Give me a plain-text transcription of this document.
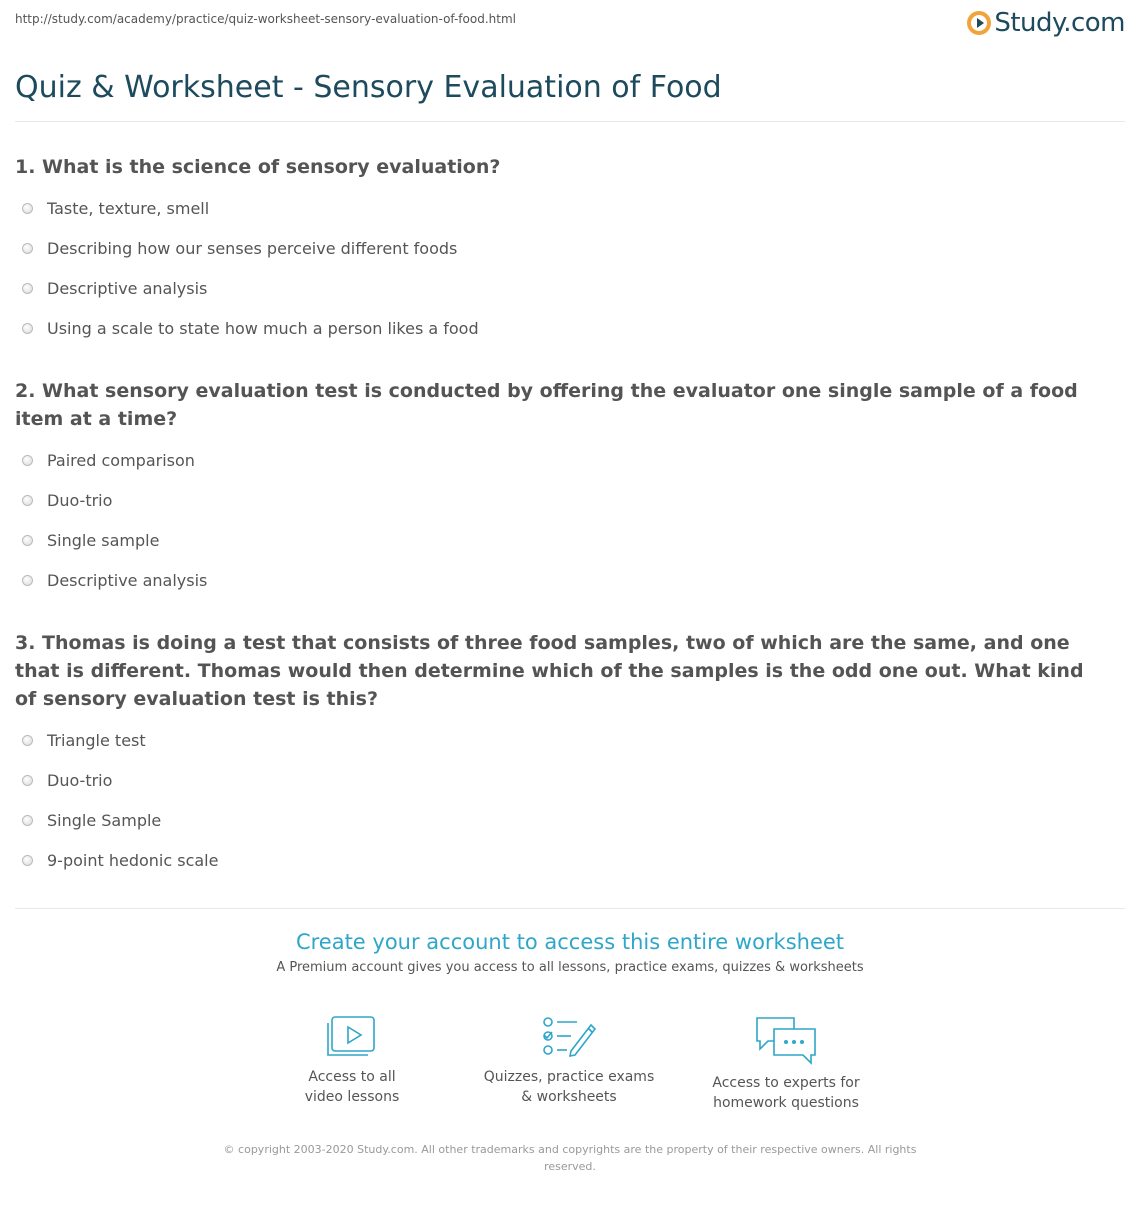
http://study.com/academy/practice/quiz-worksheet-sensory-evaluation-of-food.html	Study.com
Quiz & Worksheet - Sensory Evaluation of Food
1. What is the science of sensory evaluation?
Taste, texture, smell
Describing how our senses perceive different foods
Descriptive analysis
Using a scale to state how much a person likes a food
2. What sensory evaluation test is conducted by offering the evaluator one single sample of a food item at a time?
Paired comparison
Duo-trio
Single sample
Descriptive analysis
3. Thomas is doing a test that consists of three food samples, two of which are the same, and one that is different. Thomas would then determine which of the samples is the odd one out. What kind of sensory evaluation test is this?
Triangle test
Duo-trio
Single Sample
9-point hedonic scale
Create your account to access this entire worksheet
A Premium account gives you access to all lessons, practice exams, quizzes & worksheets
Access to all
video lessons
Quizzes, practice exams
& worksheets
Access to experts for
homework questions
© copyright 2003-2020 Study.com. All other trademarks and copyrights are the property of their respective owners. All rights reserved.
